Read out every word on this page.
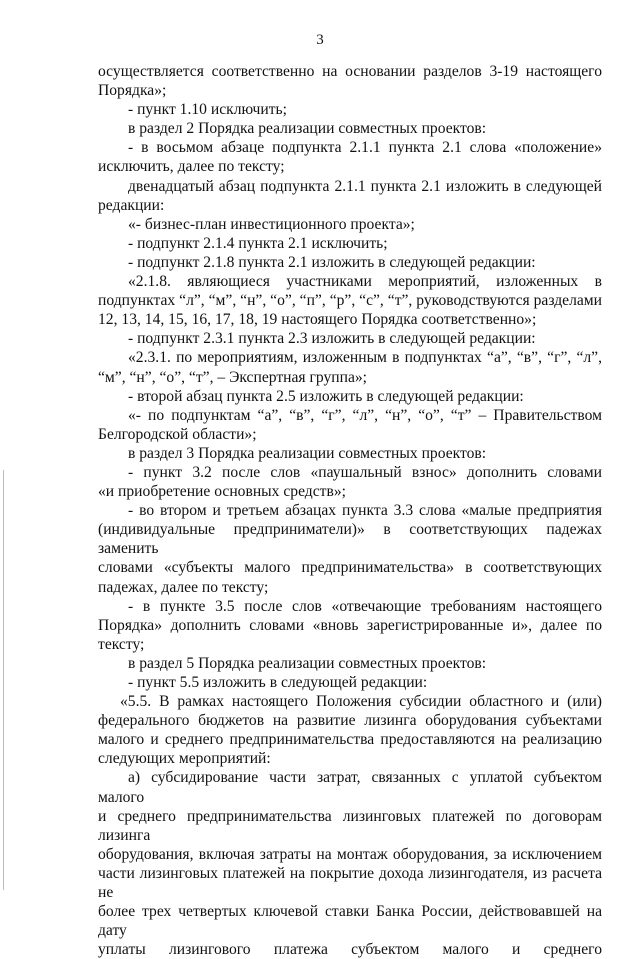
3

осуществляется соответственно на основании разделов 3-19 настоящего

Порядка»;

- пункт 1.10 исключить;

в раздел 2 Порядка реализации совместных проектов:

- в восьмом абзаце подпункта 2.1.1 пункта 2.1 слова «положение»

исключить, далее по тексту;

двенадцатый абзац подпункта 2.1.1 пункта 2.1 изложить в следующей

редакции:

«- бизнес-план инвестиционного проекта»;

- подпункт 2.1.4 пункта 2.1 исключить;

- подпункт 2.1.8 пункта 2.1 изложить в следующей редакции:

«2.1.8. являющиеся участниками мероприятий, изложенных в

подпунктах “л”, “м”, “н”, “о”, “п”, “р”, “с”, “т”, руководствуются разделами

12, 13, 14, 15, 16, 17, 18, 19 настоящего Порядка соответственно»;

- подпункт 2.3.1 пункта 2.3 изложить в следующей редакции:

«2.3.1. по мероприятиям, изложенным в подпунктах “а”, “в”, “г”, “л”,

“м”, “н”, “о”, “т”, – Экспертная группа»;

- второй абзац пункта 2.5 изложить в следующей редакции:

«- по подпунктам “а”, “в”, “г”, “л”, “н”, “о”, “т” – Правительством

Белгородской области»;

в раздел 3 Порядка реализации совместных проектов:

- пункт 3.2 после слов «паушальный взнос» дополнить словами

«и приобретение основных средств»;

- во втором и третьем абзацах пункта 3.3 слова «малые предприятия

(индивидуальные предприниматели)» в соответствующих падежах заменить

словами «субъекты малого предпринимательства» в соответствующих

падежах, далее по тексту;

- в пункте 3.5 после слов «отвечающие требованиям настоящего

Порядка» дополнить словами «вновь зарегистрированные и», далее по

тексту;

в раздел 5 Порядка реализации совместных проектов:

- пункт 5.5 изложить в следующей редакции:

«5.5. В рамках настоящего Положения субсидии областного и (или)

федерального бюджетов на развитие лизинга оборудования субъектами

малого и среднего предпринимательства предоставляются на реализацию

следующих мероприятий:

а) субсидирование части затрат, связанных с уплатой субъектом малого

и среднего предпринимательства лизинговых платежей по договорам лизинга

оборудования, включая затраты на монтаж оборудования, за исключением

части лизинговых платежей на покрытие дохода лизингодателя, из расчета не

более трех четвертых ключевой ставки Банка России, действовавшей на дату

уплаты лизингового платежа субъектом малого и среднего
